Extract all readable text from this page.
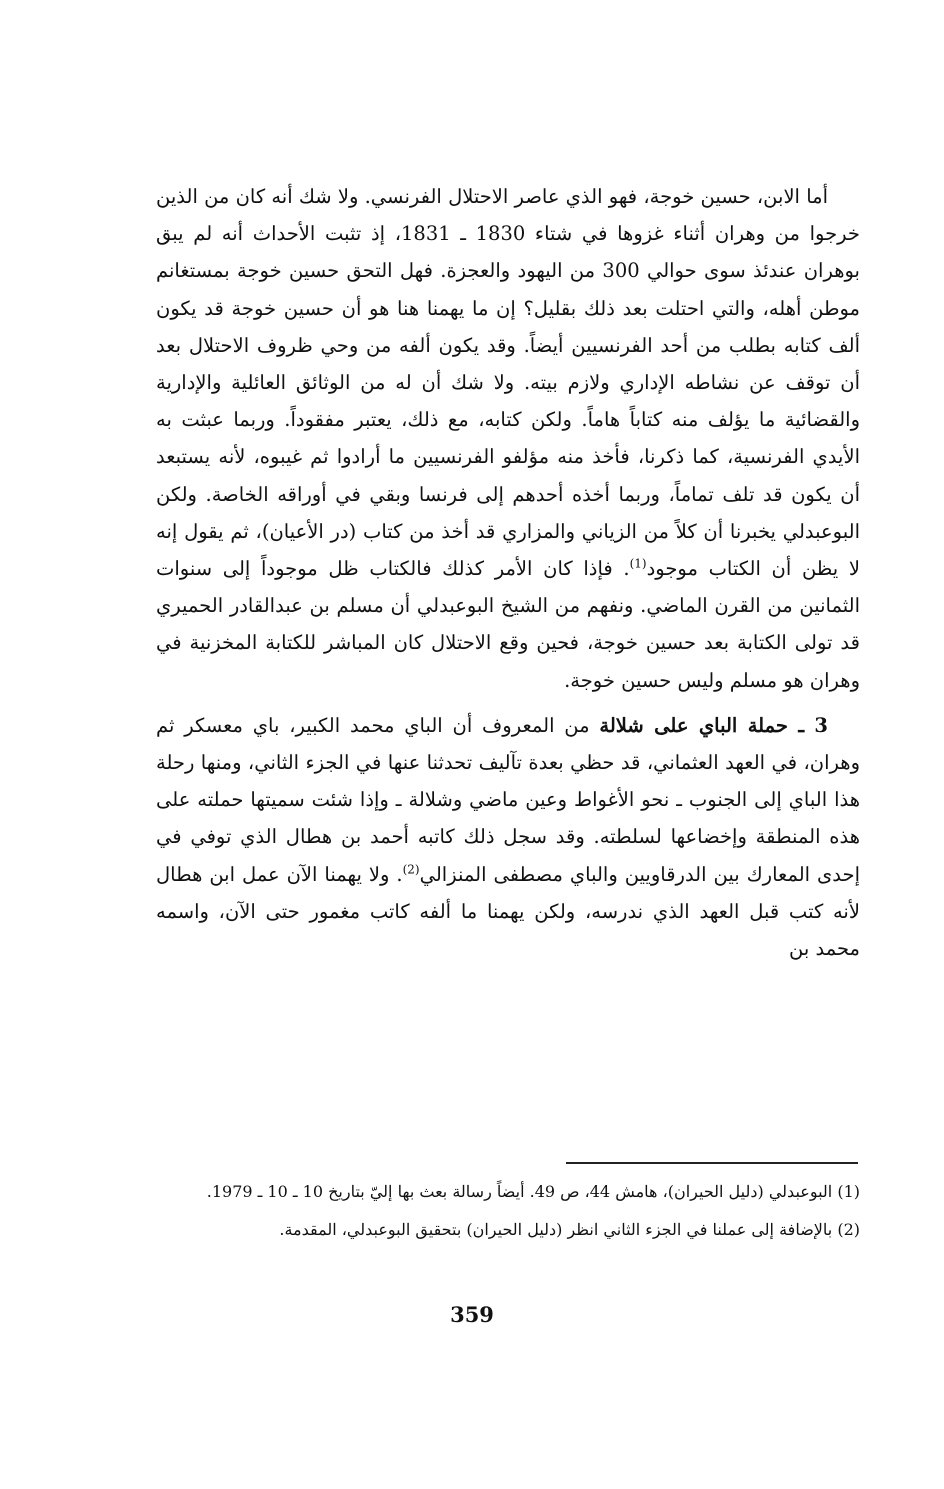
أما الابن، حسين خوجة، فهو الذي عاصر الاحتلال الفرنسي. ولا شك أنه كان من الذين خرجوا من وهران أثناء غزوها في شتاء 1830 ـ 1831، إذ تثبت الأحداث أنه لم يبق بوهران عندئذ سوى حوالي 300 من اليهود والعجزة. فهل التحق حسين خوجة بمستغانم موطن أهله، والتي احتلت بعد ذلك بقليل؟ إن ما يهمنا هنا هو أن حسين خوجة قد يكون ألف كتابه بطلب من أحد الفرنسيين أيضاً. وقد يكون ألفه من وحي ظروف الاحتلال بعد أن توقف عن نشاطه الإداري ولازم بيته. ولا شك أن له من الوثائق العائلية والإدارية والقضائية ما يؤلف منه كتاباً هاماً. ولكن كتابه، مع ذلك، يعتبر مفقوداً. وربما عبثت به الأيدي الفرنسية، كما ذكرنا، فأخذ منه مؤلفو الفرنسيين ما أرادوا ثم غيبوه، لأنه يستبعد أن يكون قد تلف تماماً، وربما أخذه أحدهم إلى فرنسا وبقي في أوراقه الخاصة. ولكن البوعبدلي يخبرنا أن كلاً من الزياني والمزاري قد أخذ من كتاب (در الأعيان)، ثم يقول إنه لا يظن أن الكتاب موجود$^{(1)}$. فإذا كان الأمر كذلك فالكتاب ظل موجوداً إلى سنوات الثمانين من القرن الماضي. ونفهم من الشيخ البوعبدلي أن مسلم بن عبدالقادر الحميري قد تولى الكتابة بعد حسين خوجة، فحين وقع الاحتلال كان المباشر للكتابة المخزنية في وهران هو مسلم وليس حسين خوجة.

3 ـ حملة الباي على شلالة من المعروف أن الباي محمد الكبير، باي معسكر ثم وهران، في العهد العثماني، قد حظي بعدة تآليف تحدثنا عنها في الجزء الثاني، ومنها رحلة هذا الباي إلى الجنوب ـ نحو الأغواط وعين ماضي وشلالة ـ وإذا شئت سميتها حملته على هذه المنطقة وإخضاعها لسلطته. وقد سجل ذلك كاتبه أحمد بن هطال الذي توفي في إحدى المعارك بين الدرقاويين والباي مصطفى المنزالي$^{(2)}$. ولا يهمنا الآن عمل ابن هطال لأنه كتب قبل العهد الذي ندرسه، ولكن يهمنا ما ألفه كاتب مغمور حتى الآن، واسمه محمد بن

(1) البوعبدلي (دليل الحيران)، هامش 44، ص 49. أيضاً رسالة بعث بها إليّ بتاريخ 10 ـ 10 ـ 1979.

(2) بالإضافة إلى عملنا في الجزء الثاني انظر (دليل الحيران) بتحقيق البوعبدلي، المقدمة.

359
